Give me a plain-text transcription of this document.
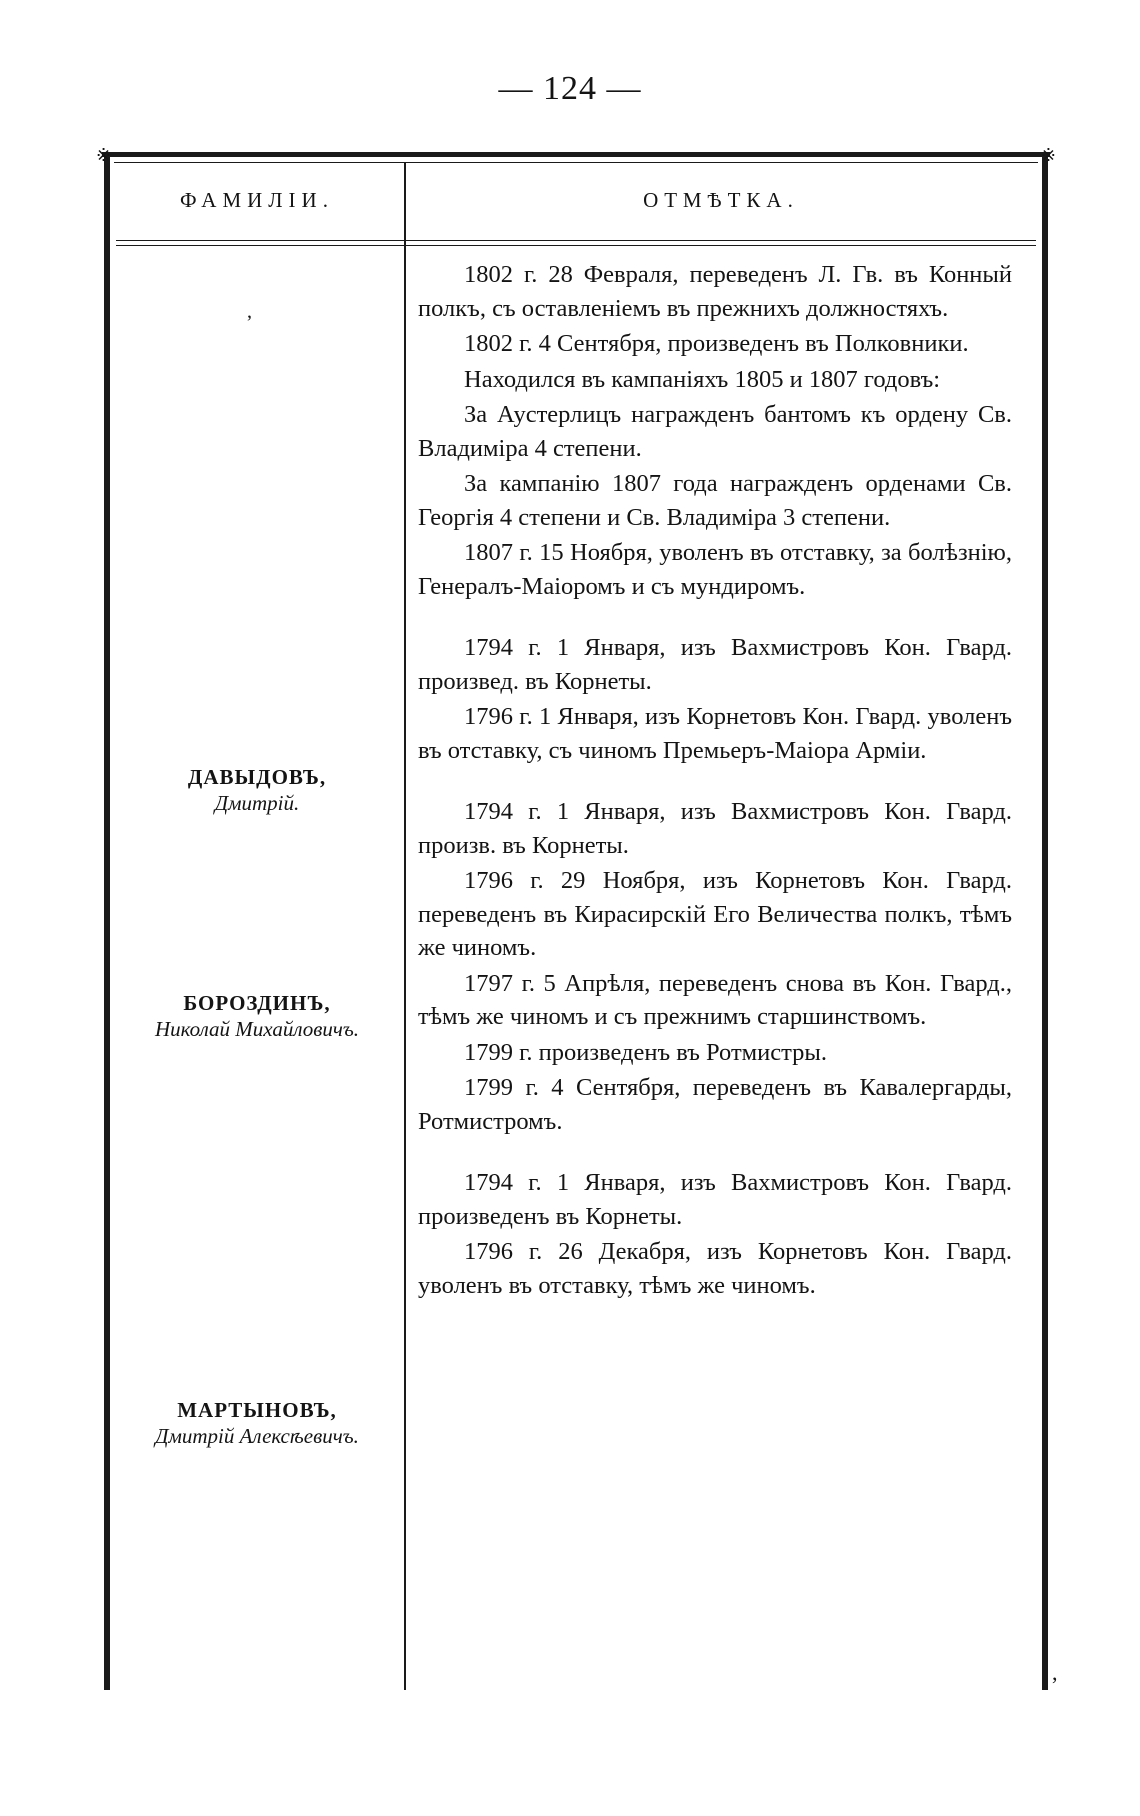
— 124 —
※	※
ФАМИЛІИ.	ОТМѢТКА.
ʼ
ДАВЫДОВЪ,
Дмитрій.
БОРОЗДИНЪ,
Николай Михайловичъ.
МАРТЫНОВЪ,
Дмитрій Алексѣевичъ.

1802 г. 28 Февраля, переведенъ Л. Гв. въ Конный полкъ, съ оставленіемъ въ прежнихъ должностяхъ.

1802 г. 4 Сентября, произведенъ въ Полковники.

Находился въ кампаніяхъ 1805 и 1807 годовъ:

За Аустерлицъ награжденъ бантомъ къ ордену Св. Владиміра 4 степени.

За кампанію 1807 года награжденъ орденами Св. Георгія 4 степени и Св. Владиміра 3 степени.

1807 г. 15 Ноября, уволенъ въ отставку, за болѣзнію, Генералъ-Маіоромъ и съ мундиромъ.

1794 г. 1 Января, изъ Вахмистровъ Кон. Гвард. произвед. въ Корнеты.

1796 г. 1 Января, изъ Корнетовъ Кон. Гвард. уволенъ въ отставку, съ чиномъ Премьеръ-Маіора Арміи.

1794 г. 1 Января, изъ Вахмистровъ Кон. Гвард. произв. въ Корнеты.

1796 г. 29 Ноября, изъ Корнетовъ Кон. Гвард. переведенъ въ Кирасирскій Его Величества полкъ, тѣмъ же чиномъ.

1797 г. 5 Апрѣля, переведенъ снова въ Кон. Гвард., тѣмъ же чиномъ и съ прежнимъ старшинствомъ.

1799 г. произведенъ въ Ротмистры.

1799 г. 4 Сентября, переведенъ въ Кавалергарды, Ротмистромъ.

1794 г. 1 Января, изъ Вахмистровъ Кон. Гвард. произведенъ въ Корнеты.

1796 г. 26 Декабря, изъ Корнетовъ Кон. Гвард. уволенъ въ отставку, тѣмъ же чиномъ.

,
